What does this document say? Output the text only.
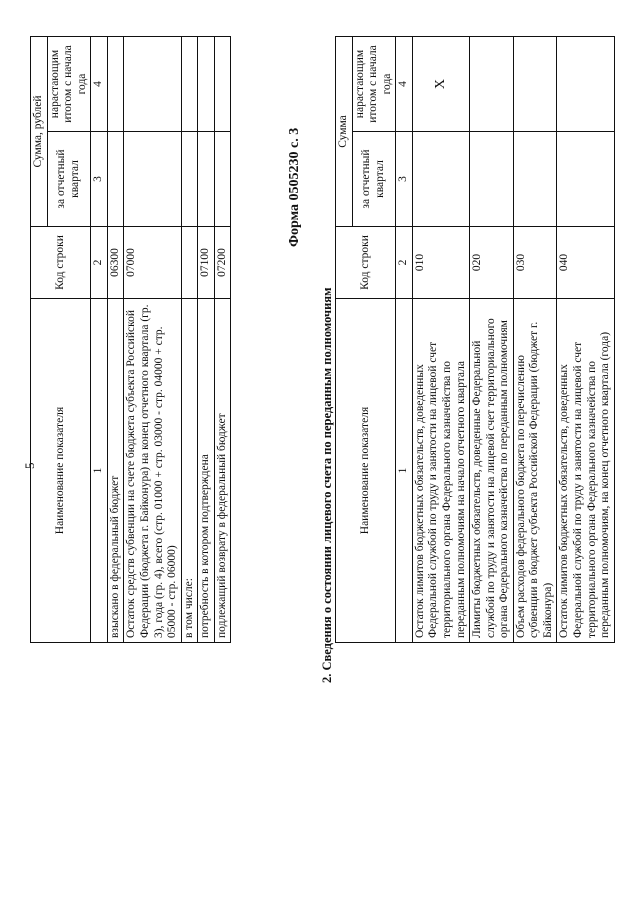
5 Наименование показателя	Код строки	Сумма, рублей	
		за отчетный квартал	нарастающим итогом с начала года
1	2	3	4
взыскано в федеральный бюджет	06300		
Остаток средств субвенции на счете бюджета субъекта Российской Федерации (бюджета г. Байконура) на конец отчетного квартала (гр. 3), года (гр. 4), всего (стр. 01000 + стр. 03000 - стр. 04000 + стр. 05000 - стр. 06000)	07000		
в том числе:			
потребность в котором подтверждена	07100		
подлежащий возврату в федеральный бюджет	07200		
Форма 0505230 с. 3
2. Сведения о состоянии лицевого счета по переданным полномочиям Наименование показателя	Код строки	Сумма	
		за отчетный квартал	нарастающим итогом с начала года
1	2	3	4
Остаток лимитов бюджетных обязательств, доведенных Федеральной службой по труду и занятости на лицевой счет территориального органа Федерального казначейства по переданным полномочиям на начало отчетного квартала	010		X
Лимиты бюджетных обязательств, доведенные Федеральной службой по труду и занятости на лицевой счет территориального органа Федерального казначейства по переданным полномочиям	020		
Объем расходов федерального бюджета по перечислению субвенции в бюджет субъекта Российской Федерации (бюджет г. Байконура)	030		
Остаток лимитов бюджетных обязательств, доведенных Федеральной службой по труду и занятости на лицевой счет территориального органа Федерального казначейства по переданным полномочиям, на конец отчетного квартала (года)	040		
